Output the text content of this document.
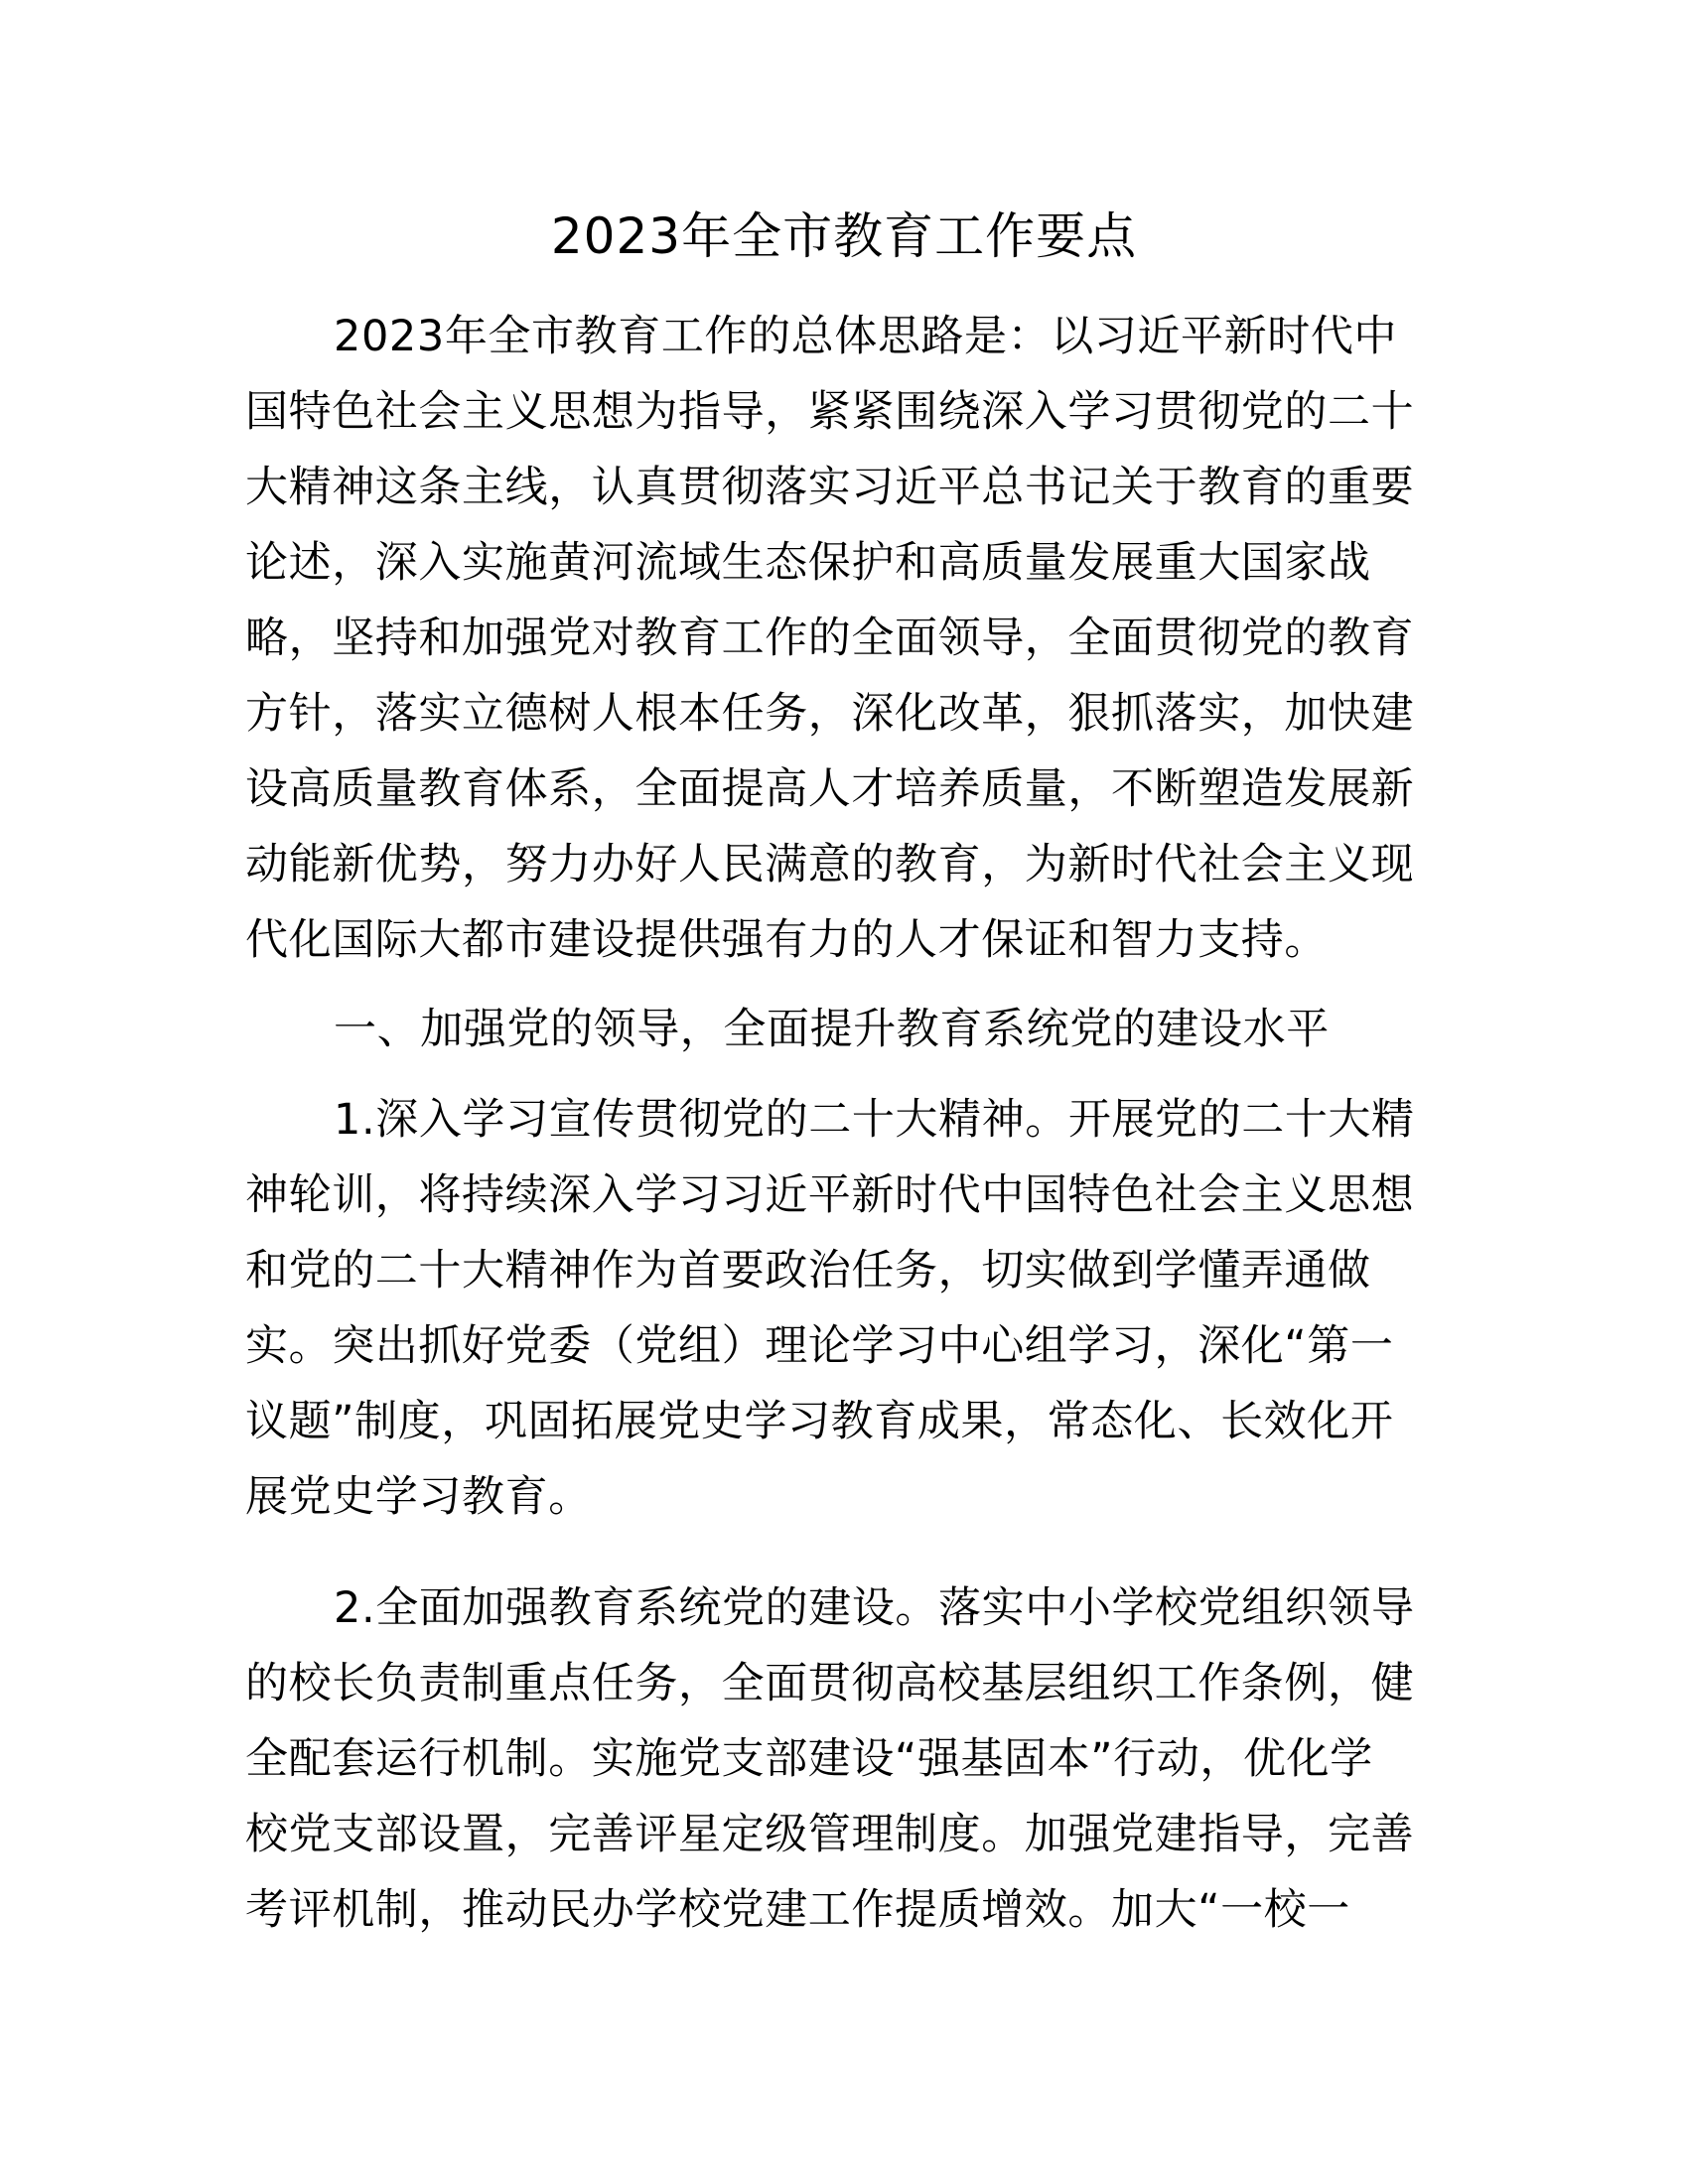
2023年全市教育工作要点
2023年全市教育工作的总体思路是：以习近平新时代中
国特色社会主义思想为指导，紧紧围绕深入学习贯彻党的二十
大精神这条主线，认真贯彻落实习近平总书记关于教育的重要
论述，深入实施黄河流域生态保护和高质量发展重大国家战
略，坚持和加强党对教育工作的全面领导，全面贯彻党的教育
方针，落实立德树人根本任务，深化改革，狠抓落实，加快建
设高质量教育体系，全面提高人才培养质量，不断塑造发展新
动能新优势，努力办好人民满意的教育，为新时代社会主义现
代化国际大都市建设提供强有力的人才保证和智力支持。
一、加强党的领导，全面提升教育系统党的建设水平
1.深入学习宣传贯彻党的二十大精神。开展党的二十大精
神轮训，将持续深入学习习近平新时代中国特色社会主义思想
和党的二十大精神作为首要政治任务，切实做到学懂弄通做
实。突出抓好党委（党组）理论学习中心组学习，深化“第一
议题”制度，巩固拓展党史学习教育成果，常态化、长效化开
展党史学习教育。
2.全面加强教育系统党的建设。落实中小学校党组织领导
的校长负责制重点任务，全面贯彻高校基层组织工作条例，健
全配套运行机制。实施党支部建设“强基固本”行动，优化学
校党支部设置，完善评星定级管理制度。加强党建指导，完善
考评机制，推动民办学校党建工作提质增效。加大“一校一
